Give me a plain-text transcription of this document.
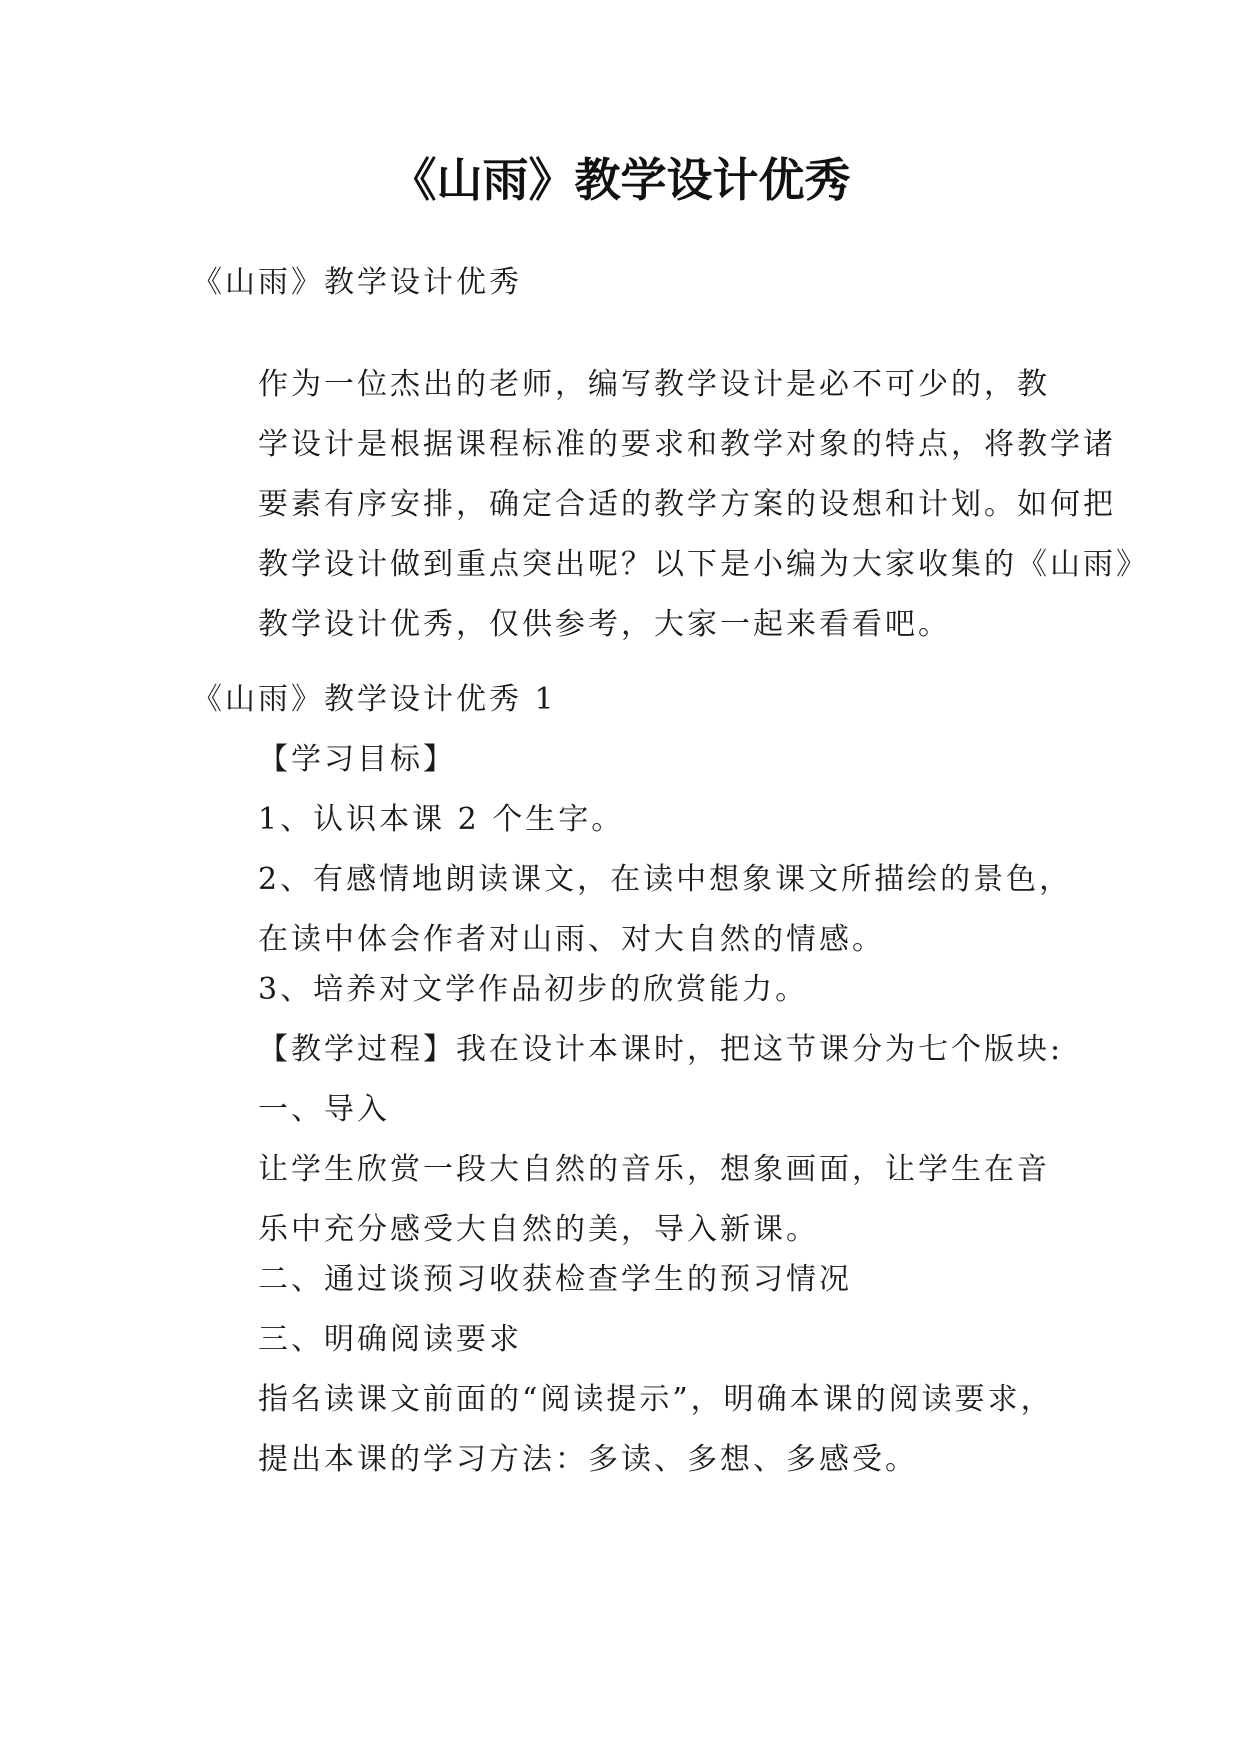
《山雨》教学设计优秀

《山雨》教学设计优秀

作为一位杰出的老师，编写教学设计是必不可少的，教
学设计是根据课程标准的要求和教学对象的特点，将教学诸
要素有序安排，确定合适的教学方案的设想和计划。如何把
教学设计做到重点突出呢？以下是小编为大家收集的《山雨》
教学设计优秀，仅供参考，大家一起来看看吧。

《山雨》教学设计优秀 1

【学习目标】

1、认识本课 2 个生字。

2、有感情地朗读课文，在读中想象课文所描绘的景色，
在读中体会作者对山雨、对大自然的情感。

3、培养对文学作品初步的欣赏能力。

【教学过程】我在设计本课时，把这节课分为七个版块:

一、导入

让学生欣赏一段大自然的音乐，想象画面，让学生在音
乐中充分感受大自然的美，导入新课。

二、通过谈预习收获检查学生的预习情况

三、明确阅读要求

指名读课文前面的“阅读提示”，明确本课的阅读要求，
提出本课的学习方法：多读、多想、多感受。
